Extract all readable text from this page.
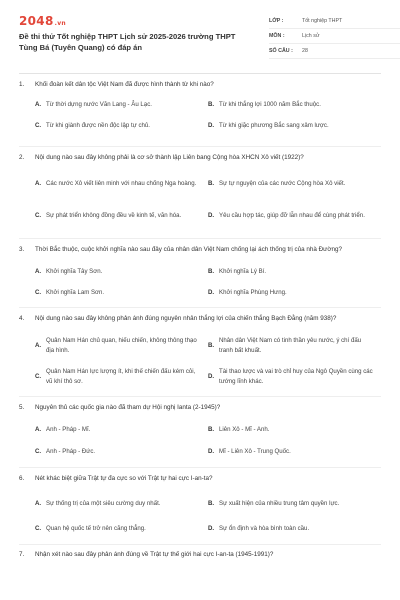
2048.vn
Đề thi thử Tốt nghiệp THPT Lịch sử 2025-2026 trường THPT Tùng Bá (Tuyên Quang) có đáp án
LỚP :	Tốt nghiệp THPT
MÔN :	Lịch sử
SỐ CÂU :	28
1.	Khối đoàn kết dân tộc Việt Nam đã được hình thành từ khi nào?
A. Từ thời dựng nước Văn Lang - Âu Lạc.	B. Từ khi thắng lợi 1000 năm Bắc thuộc.
C. Từ khi giành được nền độc lập tự chủ.	D. Từ khi giặc phương Bắc sang xâm lược.
2.	Nội dung nào sau đây không phải là cơ sở thành lập Liên bang Cộng hòa XHCN Xô viết (1922)?
A. Các nước Xô viết liên minh với nhau chống Nga hoàng.	B. Sự tự nguyện của các nước Cộng hòa Xô viết.
C. Sự phát triển không đồng đều về kinh tế, văn hóa.	D. Yêu cầu hợp tác, giúp đỡ lẫn nhau để cùng phát triển.
3.	Thời Bắc thuộc, cuộc khởi nghĩa nào sau đây của nhân dân Việt Nam chống lại ách thống trị của nhà Đường?
A. Khởi nghĩa Tây Sơn.	B. Khởi nghĩa Lý Bí.
C. Khởi nghĩa Lam Sơn.	D. Khởi nghĩa Phùng Hưng.
4.	Nội dung nào sau đây không phản ánh đúng nguyên nhân thắng lợi của chiến thắng Bạch Đằng (năm 938)?
A.
Quân Nam Hán chủ quan, hiếu chiến, không thông thạo địa hình.
B.
Nhân dân Việt Nam có tinh thần yêu nước, ý chí đấu tranh bất khuất.
C.
Quân Nam Hán lực lượng ít, khi thế chiến đấu kém cỏi, vũ khí thô sơ.
D.
Tài thao lược và vai trò chỉ huy của Ngô Quyền cùng các tướng lĩnh khác.
5.	Nguyên thủ các quốc gia nào đã tham dự Hội nghị Ianta (2-1945)?
A. Anh - Pháp - Mĩ.	B. Liên Xô - Mĩ - Anh.
C. Anh - Pháp - Đức.	D. Mĩ - Liên Xô - Trung Quốc.
6.	Nét khác biệt giữa Trật tự đa cực so với Trật tự hai cực I-an-ta?
A. Sự thống trị của một siêu cường duy nhất.	B. Sự xuất hiện của nhiều trung tâm quyền lực.
C. Quan hệ quốc tế trở nên căng thẳng.	D. Sự ổn định và hòa bình toàn cầu.
7.	Nhận xét nào sau đây phản ánh đúng về Trật tự thế giới hai cực I-an-ta (1945-1991)?
